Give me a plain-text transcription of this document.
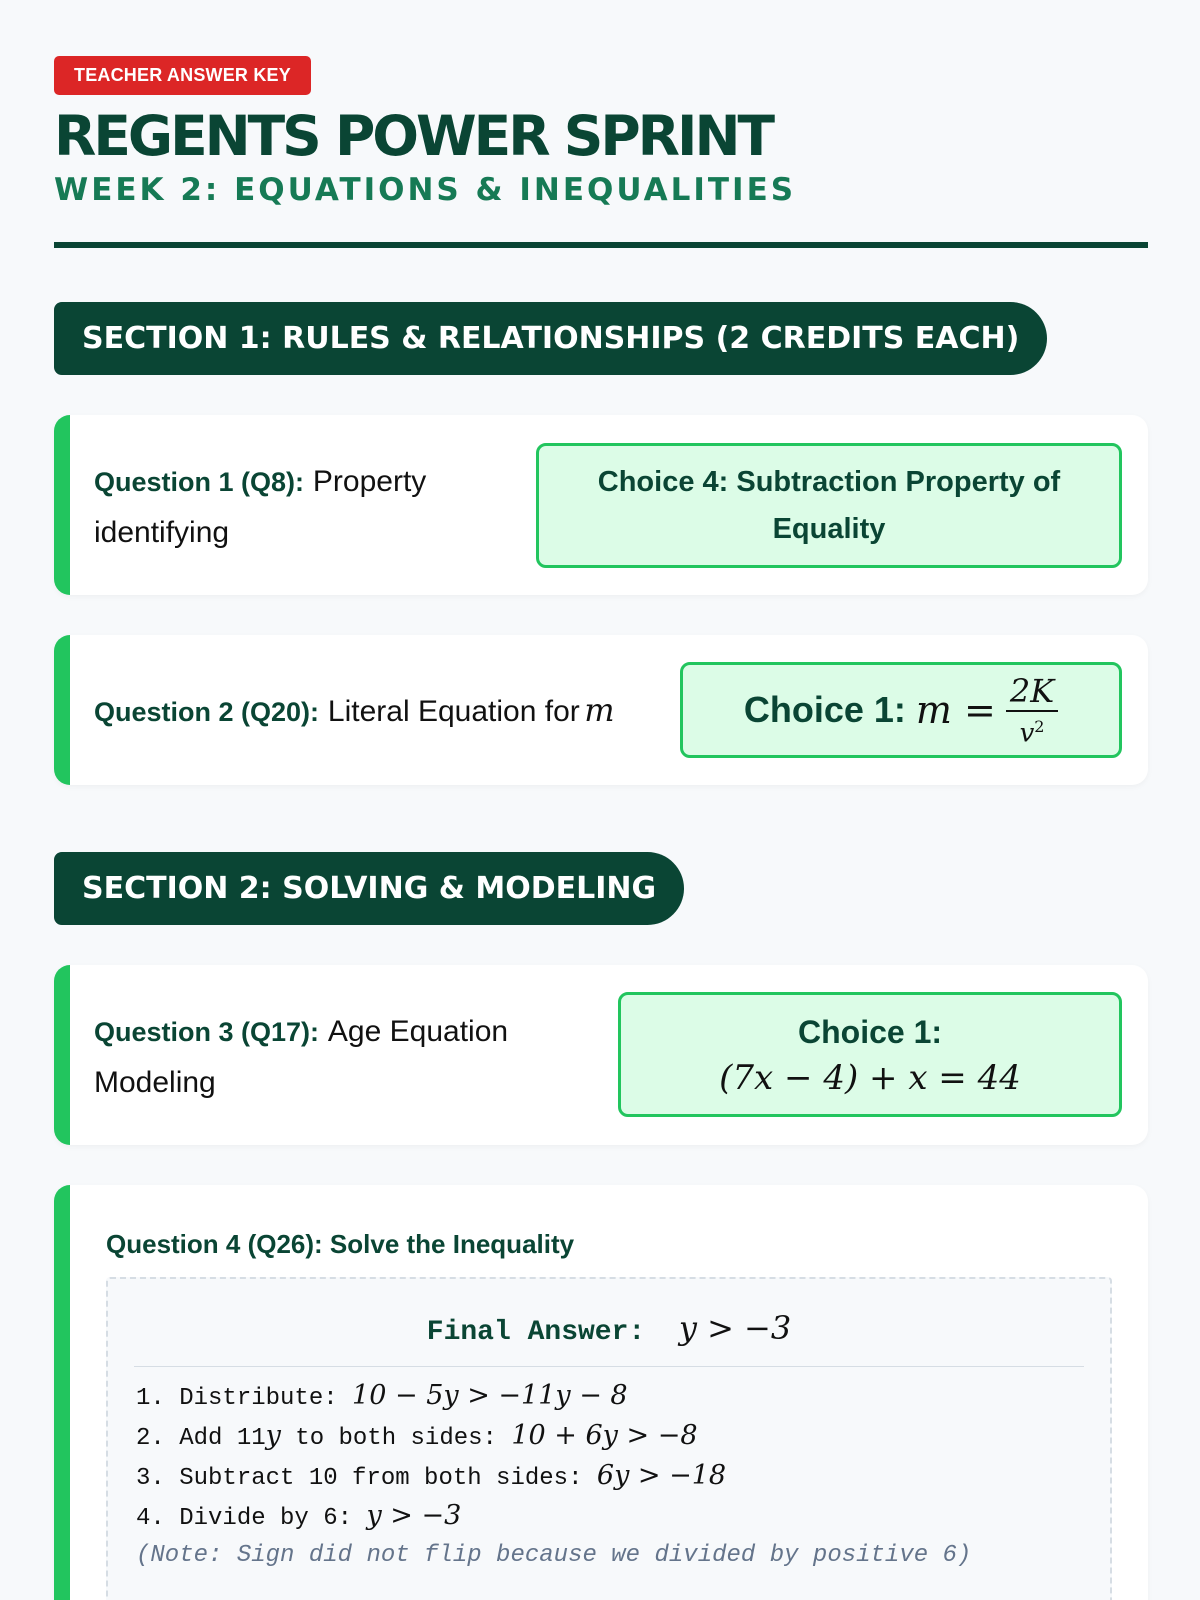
TEACHER ANSWER KEY
REGENTS POWER SPRINT
WEEK 2: EQUATIONS & INEQUALITIES
SECTION 1: RULES & RELATIONSHIPS (2 CREDITS EACH)
Question 1 (Q8): Property identifying
Choice 4: Subtraction Property of Equality
Question 2 (Q20): Literal Equation for m	Choice 1:
m =
$\frac{2K}{v^2}$
SECTION 2: SOLVING & MODELING
Question 3 (Q17): Age Equation Modeling
Choice 1:
(7x − 4) + x = 44
Question 4 (Q26): Solve the Inequality
Final Answer: y > −3
1. Distribute: 10 − 5y > −11y − 8
2. Add 11y to both sides: 10 + 6y > −8
3. Subtract 10 from both sides: 6y > −18
4. Divide by 6: y > −3
(Note: Sign did not flip because we divided by positive 6)
